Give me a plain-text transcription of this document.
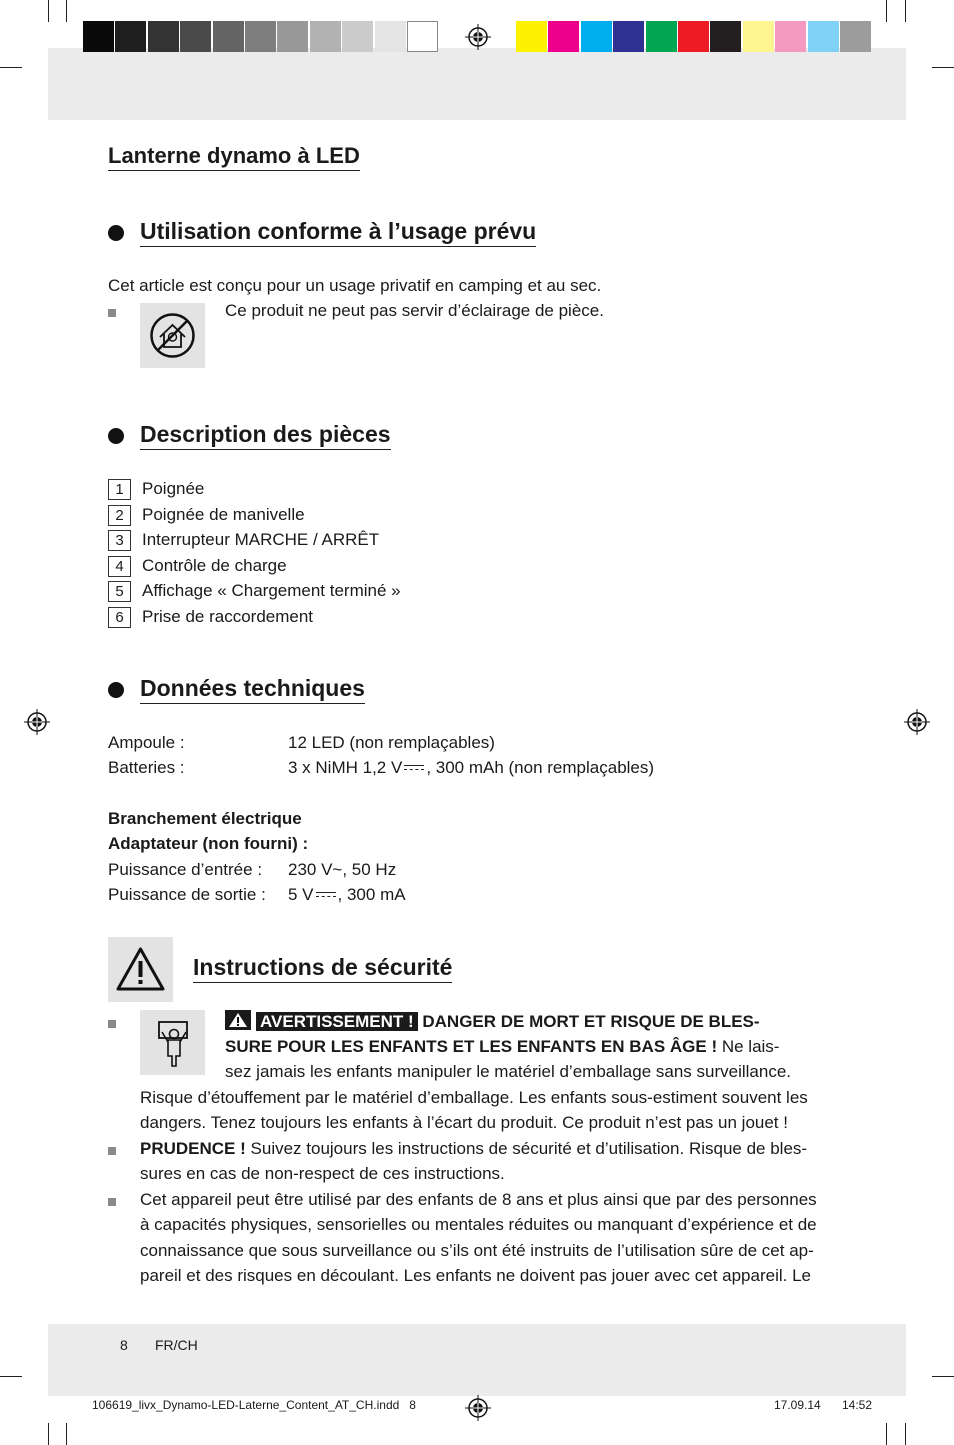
Lanterne dynamo à LED
Utilisation conforme à l’usage prévu
Cet article est conçu pour un usage privatif en camping et au sec.
Ce produit ne peut pas servir d’éclairage de pièce.
Description des pièces
1 Poignée
2 Poignée de manivelle
3 Interrupteur MARCHE / ARRÊT
4 Contrôle de charge
5 Affichage « Chargement terminé »
6 Prise de raccordement
Données techniques
Ampoule :	12 LED (non remplaçables)
Batteries :	3 x NiMH 1,2 V , 300 mAh (non remplaçables)
Branchement électrique
Adaptateur (non fourni) :
Puissance d’entrée : 230 V~, 50 Hz
Puissance de sortie : 5 V , 300 mA
Instructions de sécurité
AVERTISSEMENT ! DANGER DE MORT ET RISQUE DE BLES-
SURE POUR LES ENFANTS ET LES ENFANTS EN BAS ÂGE ! Ne lais-
sez jamais les enfants manipuler le matériel d’emballage sans surveillance.
Risque d’étouffement par le matériel d’emballage. Les enfants sous-estiment souvent les
dangers. Tenez toujours les enfants à l’écart du produit. Ce produit n’est pas un jouet !
PRUDENCE ! Suivez toujours les instructions de sécurité et d’utilisation. Risque de bles-
sures en cas de non-respect de ces instructions.
Cet appareil peut être utilisé par des enfants de 8 ans et plus ainsi que par des personnes
à capacités physiques, sensorielles ou mentales réduites ou manquant d’expérience et de
connaissance que sous surveillance ou s’ils ont été instruits de l’utilisation sûre de cet ap-
pareil et des risques en découlant. Les enfants ne doivent pas jouer avec cet appareil. Le
8 FR/CH
106619_livx_Dynamo-LED-Laterne_Content_AT_CH.indd   8	17.09.14 14:52
